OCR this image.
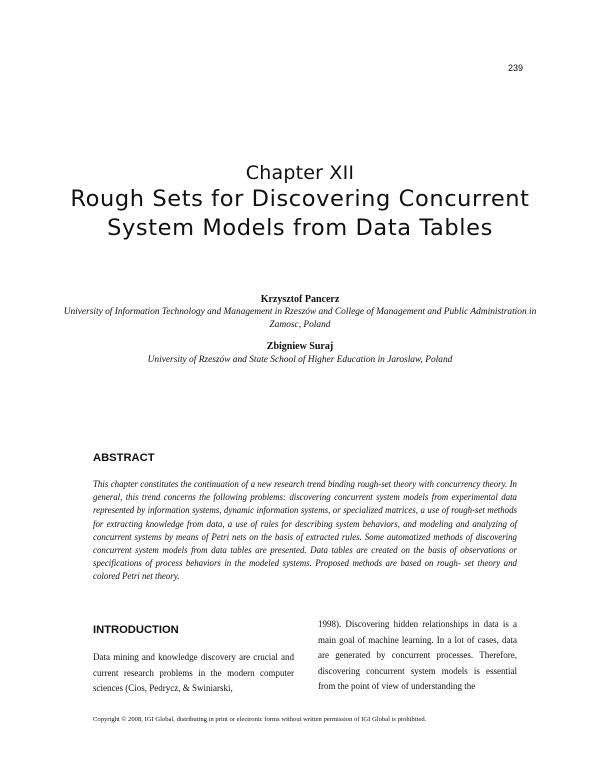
239
Chapter XII
Rough Sets for Discovering Concurrent System Models from Data Tables
Krzysztof Pancerz
University of Information Technology and Management in Rzeszów and College of Management and Public Administration in Zamosc, Poland
Zbigniew Suraj
University of Rzeszów and State School of Higher Education in Jaroslaw, Poland
ABSTRACT
This chapter constitutes the continuation of a new research trend binding rough-set theory with concurrency theory. In general, this trend concerns the following problems: discovering concurrent system models from experimental data represented by information systems, dynamic information systems, or specialized matrices, a use of rough-set methods for extracting knowledge from data, a use of rules for describing system behaviors, and modeling and analyzing of concurrent systems by means of Petri nets on the basis of extracted rules. Some automatized methods of discovering concurrent system models from data tables are presented. Data tables are created on the basis of observations or specifications of process behaviors in the modeled systems. Proposed methods are based on rough- set theory and colored Petri net theory.
INTRODUCTION
Data mining and knowledge discovery are crucial and current research problems in the modern computer sciences (Cios, Pedrycz, & Swiniarski,
1998). Discovering hidden relationships in data is a main goal of machine learning. In a lot of cases, data are generated by concurrent processes. Therefore, discovering concurrent system models is essential from the point of view of understanding the
Copyright © 2008, IGI Global, distributing in print or electronic forms without written permission of IGI Global is prohibited.
